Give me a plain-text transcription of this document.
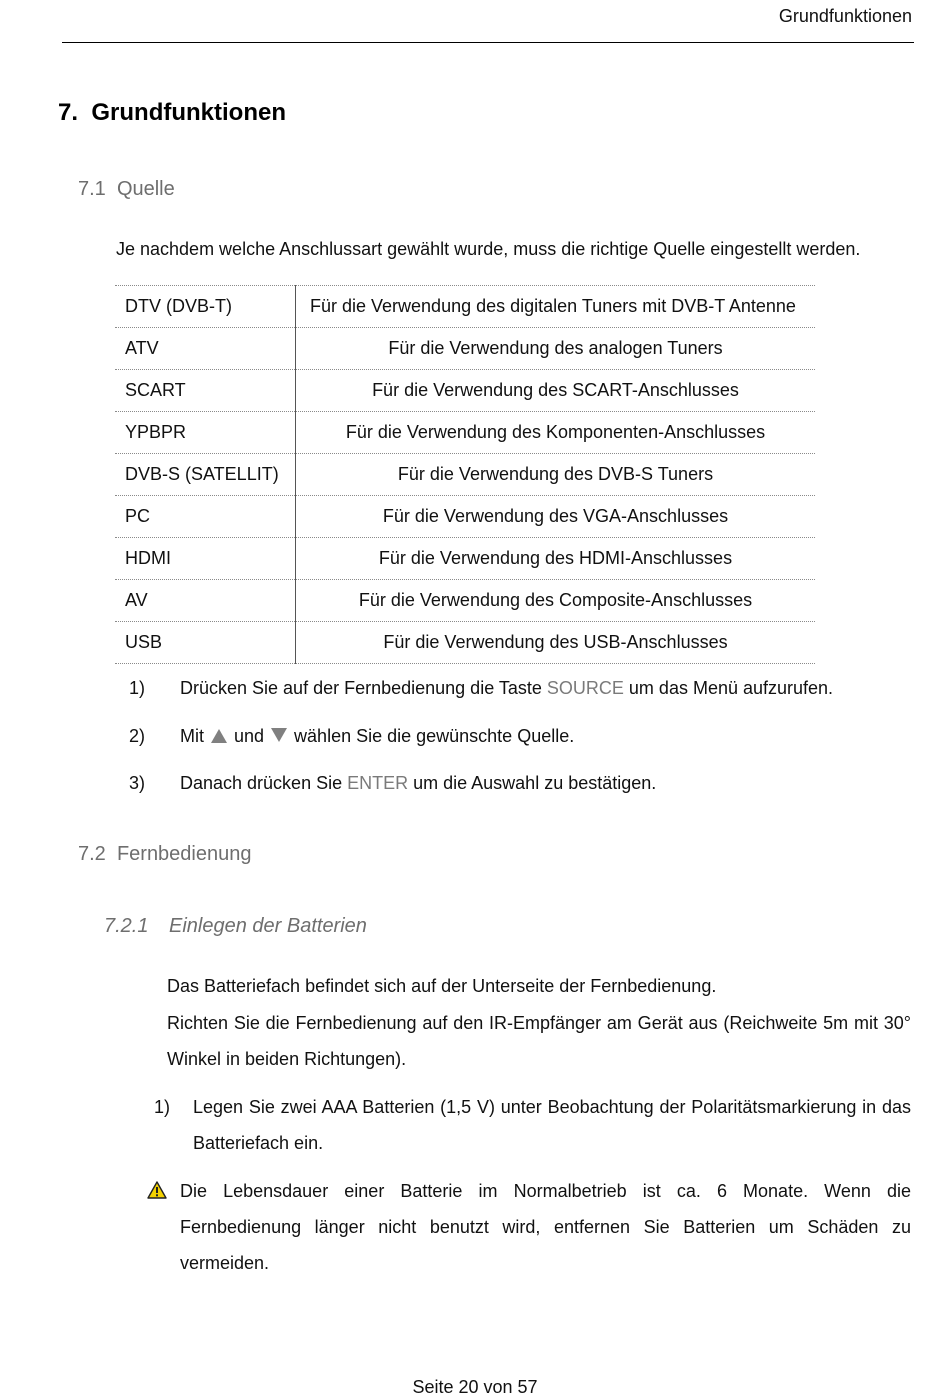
Grundfunktionen
7. Grundfunktionen
7.1 Quelle
Je nachdem welche Anschlussart gewählt wurde, muss die richtige Quelle eingestellt werden.
DTV (DVB-T)	Für die Verwendung des digitalen Tuners mit DVB-T Antenne
ATV	Für die Verwendung des analogen Tuners
SCART	Für die Verwendung des SCART-Anschlusses
YPBPR	Für die Verwendung des Komponenten-Anschlusses
DVB-S (SATELLIT)	Für die Verwendung des DVB-S Tuners
PC	Für die Verwendung des VGA-Anschlusses
HDMI	Für die Verwendung des HDMI-Anschlusses
AV	Für die Verwendung des Composite-Anschlusses
USB	Für die Verwendung des USB-Anschlusses
1) Drücken Sie auf der Fernbedienung die Taste SOURCE um das Menü aufzurufen.
2) Mit  und  wählen Sie die gewünschte Quelle.
3) Danach drücken Sie ENTER um die Auswahl zu bestätigen.
7.2 Fernbedienung
7.2.1 Einlegen der Batterien
Das Batteriefach befindet sich auf der Unterseite der Fernbedienung.
Richten Sie die Fernbedienung auf den IR-Empfänger am Gerät aus (Reichweite 5m mit 30°
Winkel in beiden Richtungen).
1) Legen Sie zwei AAA Batterien (1,5 V) unter Beobachtung der Polaritätsmarkierung in das
Batteriefach ein.
Die Lebensdauer einer Batterie im Normalbetrieb ist ca. 6 Monate. Wenn die
Fernbedienung länger nicht benutzt wird, entfernen Sie Batterien um Schäden zu
vermeiden.
Seite 20 von 57
